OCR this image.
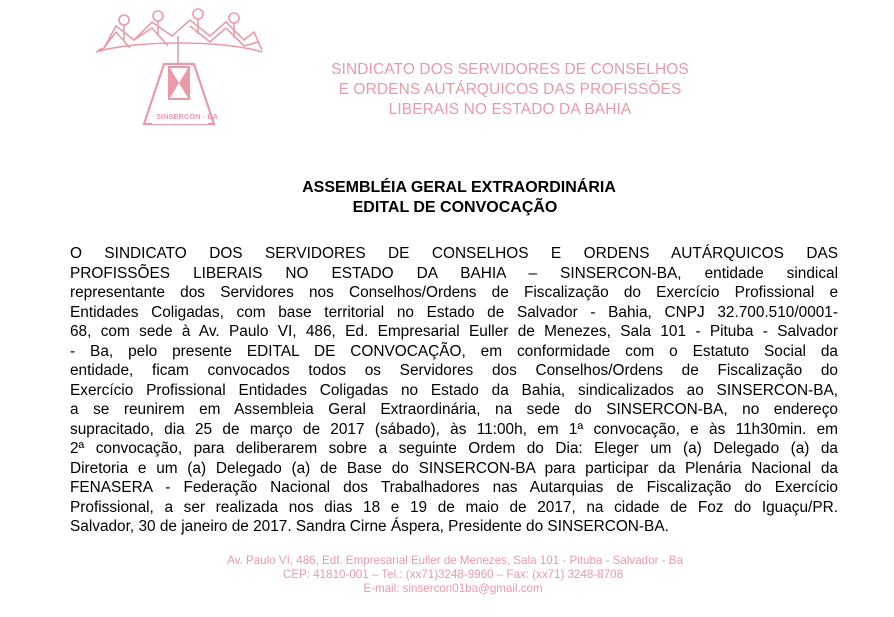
SINSERCON - BA
SINDICATO DOS SERVIDORES DE CONSELHOS
E ORDENS AUTÁRQUICOS DAS PROFISSÕES
LIBERAIS NO ESTADO DA BAHIA
ASSEMBLÉIA GERAL EXTRAORDINÁRIA
EDITAL DE CONVOCAÇÃO
O SINDICATO DOS SERVIDORES DE CONSELHOS E ORDENS AUTÁRQUICOS DAS
PROFISSÕES LIBERAIS NO ESTADO DA BAHIA – SINSERCON-BA, entidade sindical
representante dos Servidores nos Conselhos/Ordens de Fiscalização do Exercício Profissional e
Entidades Coligadas, com base territorial no Estado de Salvador - Bahia, CNPJ 32.700.510/0001-
68, com sede à Av. Paulo VI, 486, Ed. Empresarial Euller de Menezes, Sala 101 - Pituba - Salvador
- Ba, pelo presente EDITAL DE CONVOCAÇÃO, em conformidade com o Estatuto Social da
entidade, ficam convocados todos os Servidores dos Conselhos/Ordens de Fiscalização do
Exercício Profissional Entidades Coligadas no Estado da Bahia, sindicalizados ao SINSERCON-BA,
a se reunirem em Assembleia Geral Extraordinária, na sede do SINSERCON-BA, no endereço
supracitado, dia 25 de março de 2017 (sábado), às 11:00h, em 1ª convocação, e às 11h30min. em
2ª convocação, para deliberarem sobre a seguinte Ordem do Dia: Eleger um (a) Delegado (a) da
Diretoria e um (a) Delegado (a) de Base do SINSERCON-BA para participar da Plenária Nacional da
FENASERA - Federação Nacional dos Trabalhadores nas Autarquias de Fiscalização do Exercício
Profissional, a ser realizada nos dias 18 e 19 de maio de 2017, na cidade de Foz do Iguaçu/PR.
Salvador, 30 de janeiro de 2017. Sandra Cirne Áspera, Presidente do SINSERCON-BA.
Av. Paulo VI, 486, Edf. Empresarial Euller de Menezes, Sala 101 - Pituba - Salvador - Ba
CEP: 41810-001 – Tel.: (xx71)3248-9960 – Fax: (xx71) 3248-8708
E-mail: sinsercon01ba@gmail.com
